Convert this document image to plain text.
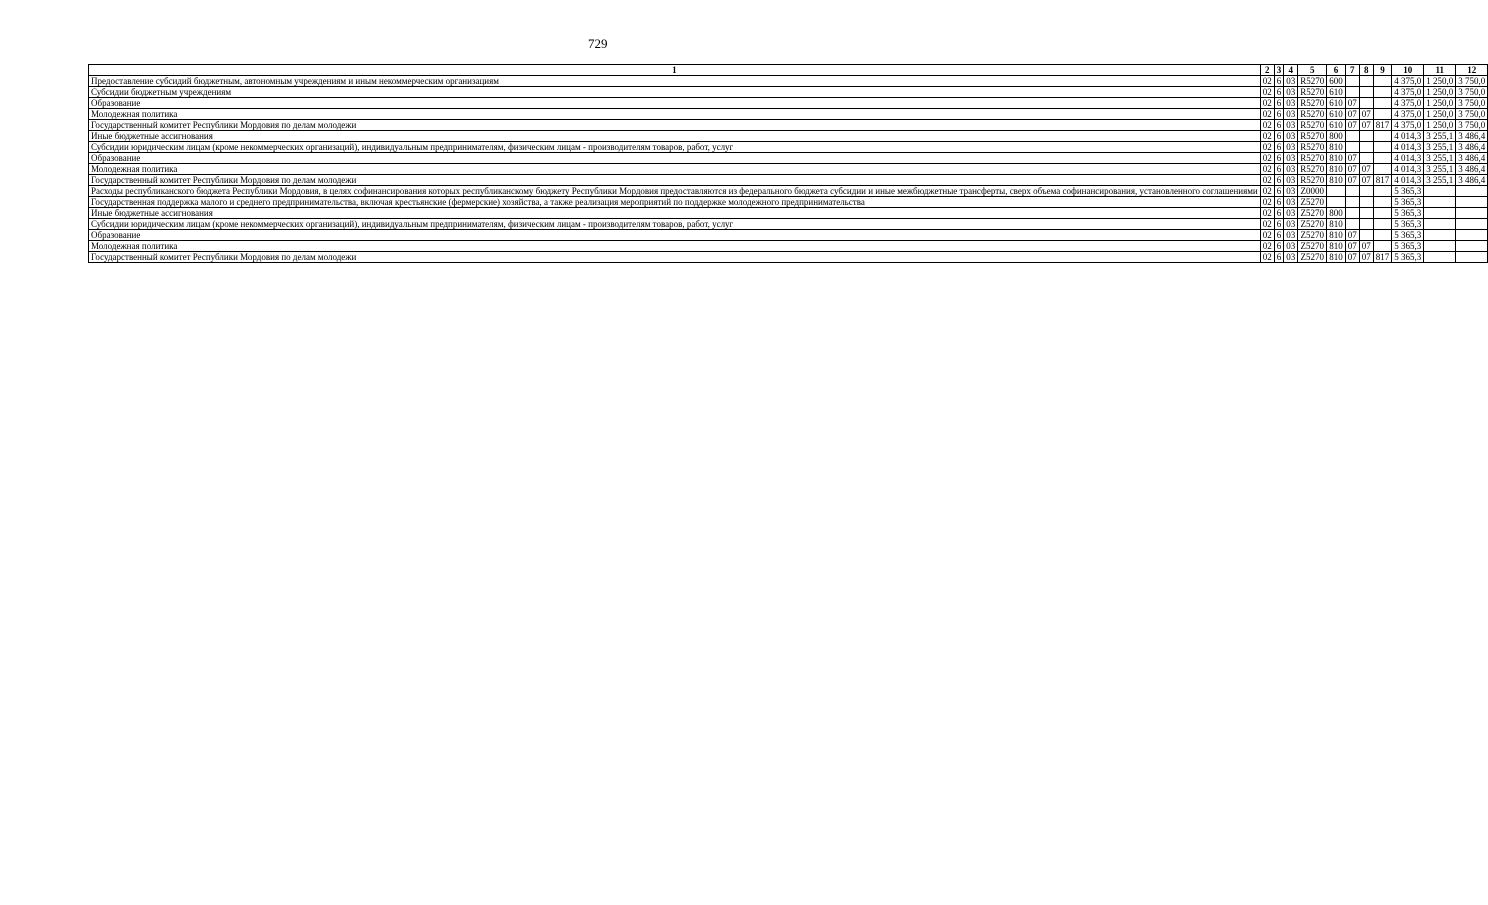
729
1	2	3	4	5	6	7	8	9	10	11	12
Предоставление субсидий бюджетным, автономным учреждениям и иным некоммерческим организациям	02	6	03	R5270	600				4 375,0	1 250,0	3 750,0
Субсидии бюджетным учреждениям	02	6	03	R5270	610				4 375,0	1 250,0	3 750,0
Образование	02	6	03	R5270	610	07			4 375,0	1 250,0	3 750,0
Молодежная политика	02	6	03	R5270	610	07	07		4 375,0	1 250,0	3 750,0
Государственный комитет Республики Мордовия по делам молодежи	02	6	03	R5270	610	07	07	817	4 375,0	1 250,0	3 750,0
Иные бюджетные ассигнования	02	6	03	R5270	800				4 014,3	3 255,1	3 486,4
Субсидии юридическим лицам (кроме некоммерческих организаций), индивидуальным предпринимателям, физическим лицам - производителям товаров, работ, услуг	02	6	03	R5270	810				4 014,3	3 255,1	3 486,4
Образование	02	6	03	R5270	810	07			4 014,3	3 255,1	3 486,4
Молодежная политика	02	6	03	R5270	810	07	07		4 014,3	3 255,1	3 486,4
Государственный комитет Республики Мордовия по делам молодежи	02	6	03	R5270	810	07	07	817	4 014,3	3 255,1	3 486,4
Расходы республиканского бюджета Республики Мордовия, в целях софинансирования которых республиканскому бюджету Республики Мордовия предоставляются из федерального бюджета субсидии и иные межбюджетные трансферты, сверх объема софинансирования, установленного соглашениями	02	6	03	Z0000					5 365,3		
Государственная поддержка малого и среднего предпринимательства, включая крестьянские (фермерские) хозяйства, а также реализация мероприятий по поддержке молодежного предпринимательства	02	6	03	Z5270					5 365,3		
Иные бюджетные ассигнования	02	6	03	Z5270	800				5 365,3		
Субсидии юридическим лицам (кроме некоммерческих организаций), индивидуальным предпринимателям, физическим лицам - производителям товаров, работ, услуг	02	6	03	Z5270	810				5 365,3		
Образование	02	6	03	Z5270	810	07			5 365,3		
Молодежная политика	02	6	03	Z5270	810	07	07		5 365,3		
Государственный комитет Республики Мордовия по делам молодежи	02	6	03	Z5270	810	07	07	817	5 365,3		
